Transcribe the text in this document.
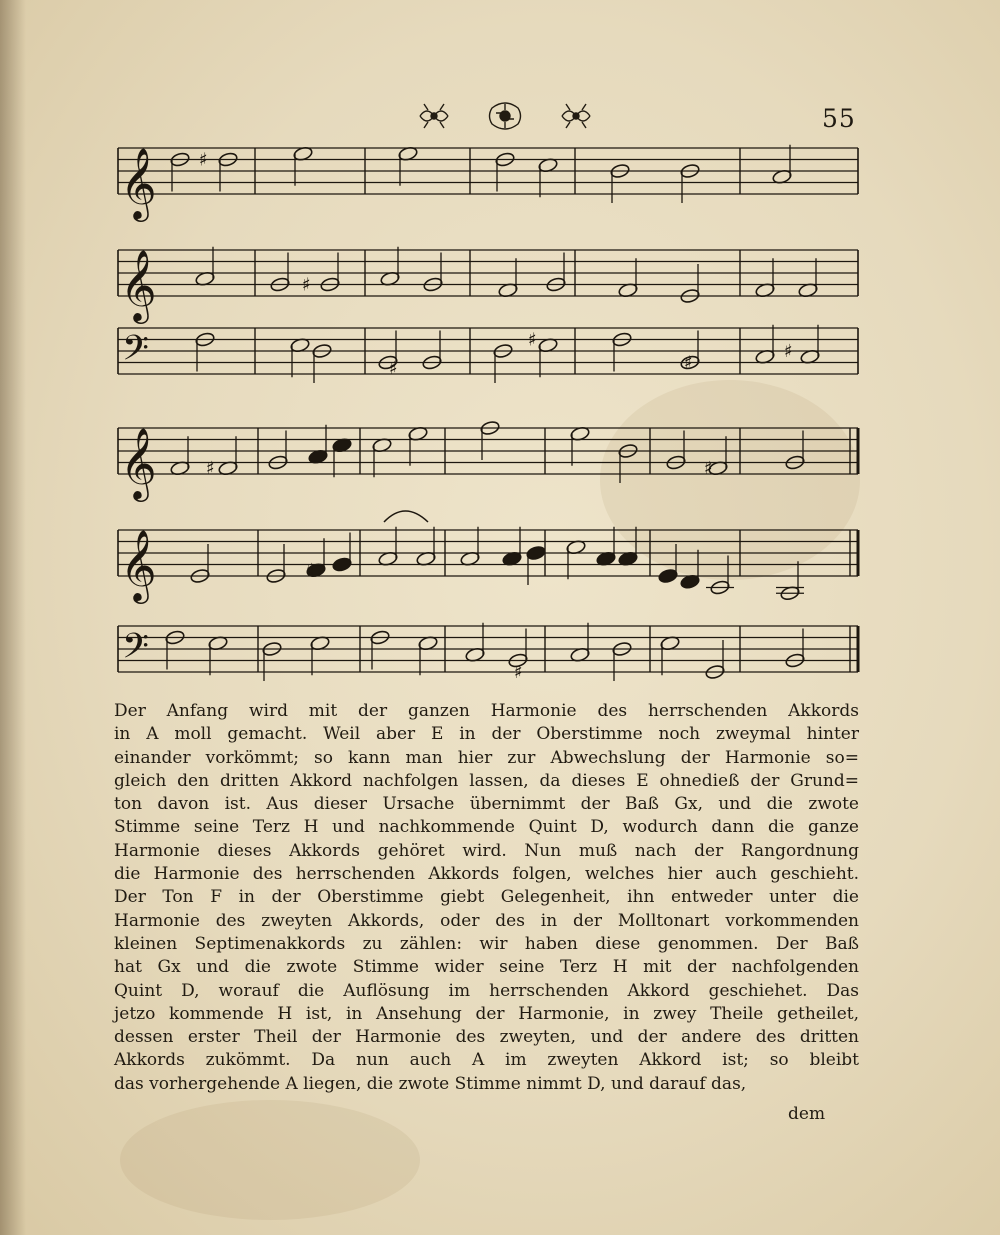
55
𝄞
𝄞
𝄢
𝄞
𝄞
𝄢
♯
♯
♯
♯
♯
♯
♯	♯
♯
♯
Der Anfang wird mit der ganzen Harmonie des herrschenden Akkords
in A moll gemacht. Weil aber E in der Oberstimme noch zweymal hinter
einander vorkömmt; so kann man hier zur Abwechslung der Harmonie so=
gleich den dritten Akkord nachfolgen lassen, da dieses E ohnedieß der Grund=
ton davon ist. Aus dieser Ursache übernimmt der Baß Gx, und die zwote
Stimme seine Terz H und nachkommende Quint D, wodurch dann die ganze
Harmonie dieses Akkords gehöret wird. Nun muß nach der Rangordnung
die Harmonie des herrschenden Akkords folgen, welches hier auch geschieht.
Der Ton F in der Oberstimme giebt Gelegenheit, ihn entweder unter die
Harmonie des zweyten Akkords, oder des in der Molltonart vorkommenden
kleinen Septimenakkords zu zählen: wir haben diese genommen. Der Baß
hat Gx und die zwote Stimme wider seine Terz H mit der nachfolgenden
Quint D, worauf die Auflösung im herrschenden Akkord geschiehet. Das
jetzo kommende H ist, in Ansehung der Harmonie, in zwey Theile getheilet,
dessen erster Theil der Harmonie des zweyten, und der andere des dritten
Akkords zukömmt. Da nun auch A im zweyten Akkord ist; so bleibt
das vorhergehende A liegen, die zwote Stimme nimmt D, und darauf das,
dem
